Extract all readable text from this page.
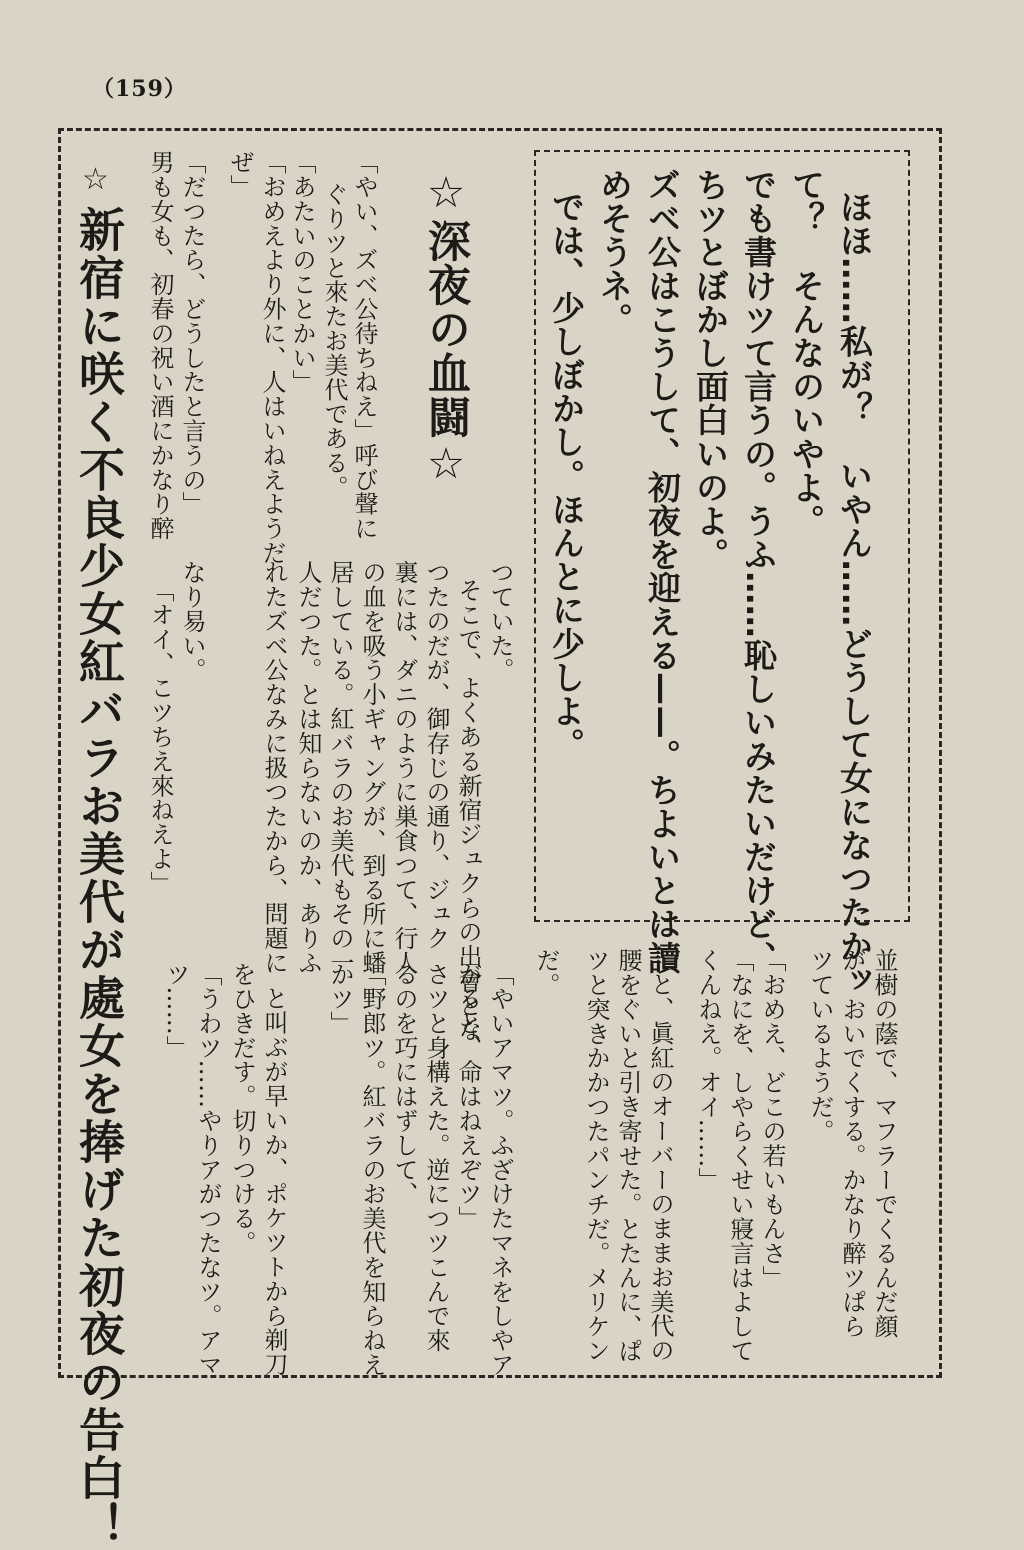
（159）
ほほ……私が？　いやん……どうして女になつたかッ
て？　そんなのいやよ。
でも書けツて言うの。うふ……恥しいみたいだけど、
ちツとぼかし面白いのよ。
ズベ公はこうして、初夜を迎える——。ちよいとは讀
めそうネ。
では、少しぼかし。ほんとに少しよ。
☆深夜の血闘☆
「やい、ズベ公待ちねえ」呼び聲に
ぐりツと來たお美代である。
「あたいのことかい」
「おめえより外に、人はいねえようだ
ぜ」
「だつたら、どうしたと言うの」
男も女も、初春の祝い酒にかなり醉
つていた。
そこで、よくある新宿ジュクらの出會とな
つたのだが、御存じの通り、ジュク
裏には、ダニのように巣食つて、行人
の血を吸う小ギャングが、到る所に蟠
居している。紅バラのお美代もその一
人だつた。とは知らないのか、ありふ
れたズベ公なみに扱つたから、問題に
なり易い。
「オイ、こツちえ來ねえよ」
☆
新宿に咲く不良少女紅バラお美代が處女を捧げた初夜の告白！	並樹の蔭で、マフラーでくるんだ顔
が、おいでくする。かなり醉ツぱら
ツているようだ。
「おめえ、どこの若いもんさ」
「なにを、しやらくせい寢言はよして
くんねえ。オイ……」
と、眞紅のオーバーのままお美代の
腰をぐいと引き寄せた。とたんに、ぱ
ツと突きかかつたパンチだ。メリケン
だ。
「やいアマツ。ふざけたマネをしやア
がると、命はねえぞツ」
さツと身構えた。逆につツこんで來
るのを巧にはずして、
「野郎ツ。紅バラのお美代を知らねえ
かツ」
と叫ぶが早いか、ポケツトから剃刀
をひきだす。切りつける。
「うわツ……やりアがつたなツ。アマ
ツ……」
